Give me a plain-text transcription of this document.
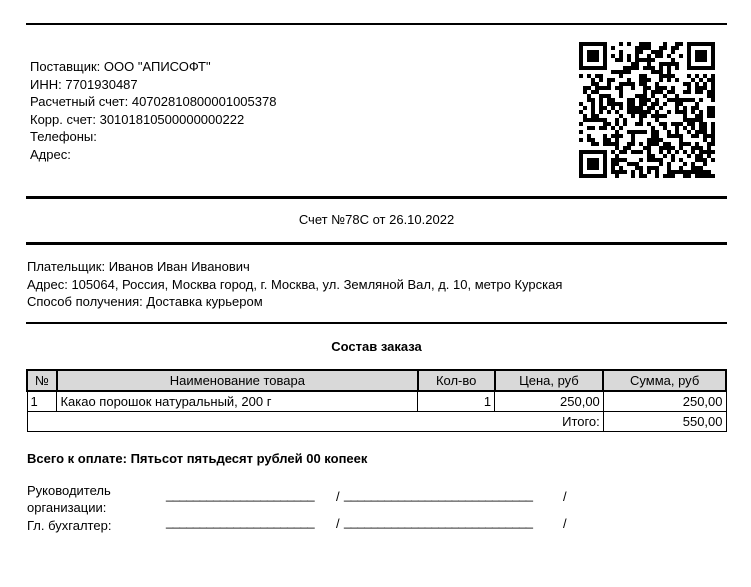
Поставщик: ООО "АПИСОФТ"
ИНН: 7701930487
Расчетный счет: 40702810800001005378
Корр. счет: 30101810500000000222
Телефоны:
Адрес:
Счет №78С от 26.10.2022
Плательщик: Иванов Иван Иванович
Адрес: 105064, Россия, Москва город, г. Москва, ул. Земляной Вал, д. 10, метро Курская
Способ получения: Доставка курьером
Состав заказа
№	Наименование товара	Кол-во	Цена, руб	Сумма, руб
1	Какао порошок натуральный, 200 г	1	250,00	250,00
Итого:				550,00
Всего к оплате: Пятьсот пятьдесят рублей 00 копеек
Руководитель
организации:
______________________ / ____________________________ /
Гл. бухгалтер:	______________________ / ____________________________ /
